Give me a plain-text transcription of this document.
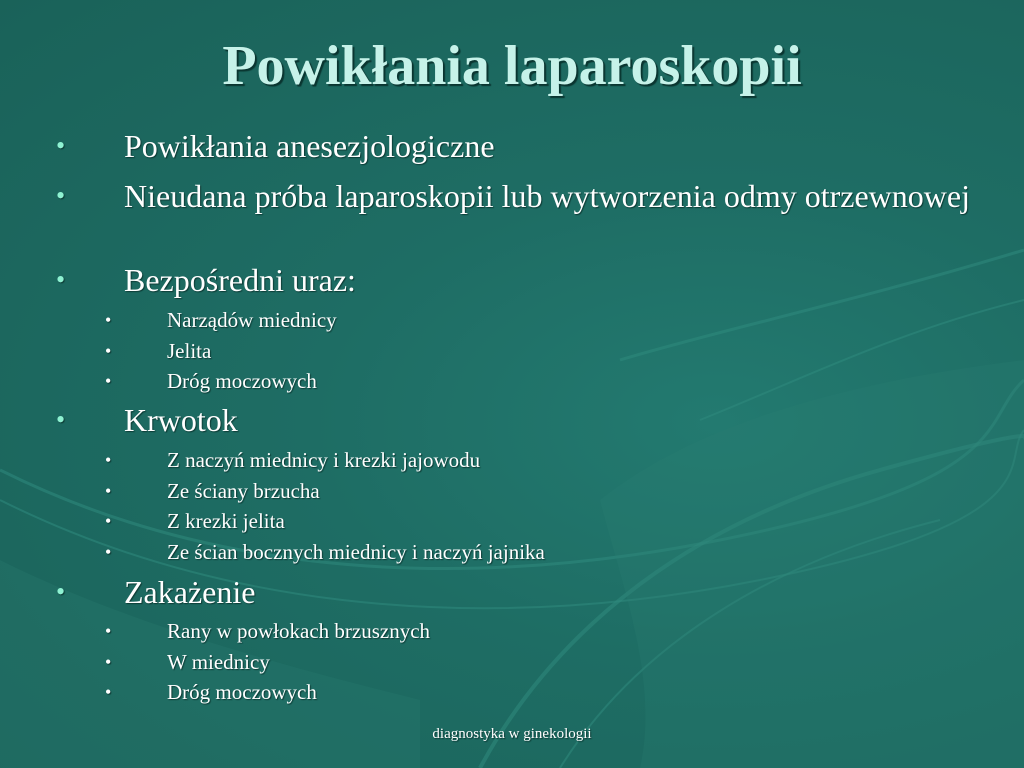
Powikłania laparoskopii
• Powikłania anesezjologiczne
• Nieudana próba laparoskopii lub wytworzenia odmy otrzewnowej
• Bezpośredni uraz:
•	Narządów miednicy
•	Jelita
•	Dróg moczowych
• Krwotok
•	Z naczyń miednicy i krezki jajowodu
•	Ze ściany brzucha
•	Z krezki jelita
•	Ze ścian bocznych miednicy i naczyń jajnika
• Zakażenie
•	Rany w powłokach brzusznych
•	W miednicy
•	Dróg moczowych
diagnostyka w ginekologii
